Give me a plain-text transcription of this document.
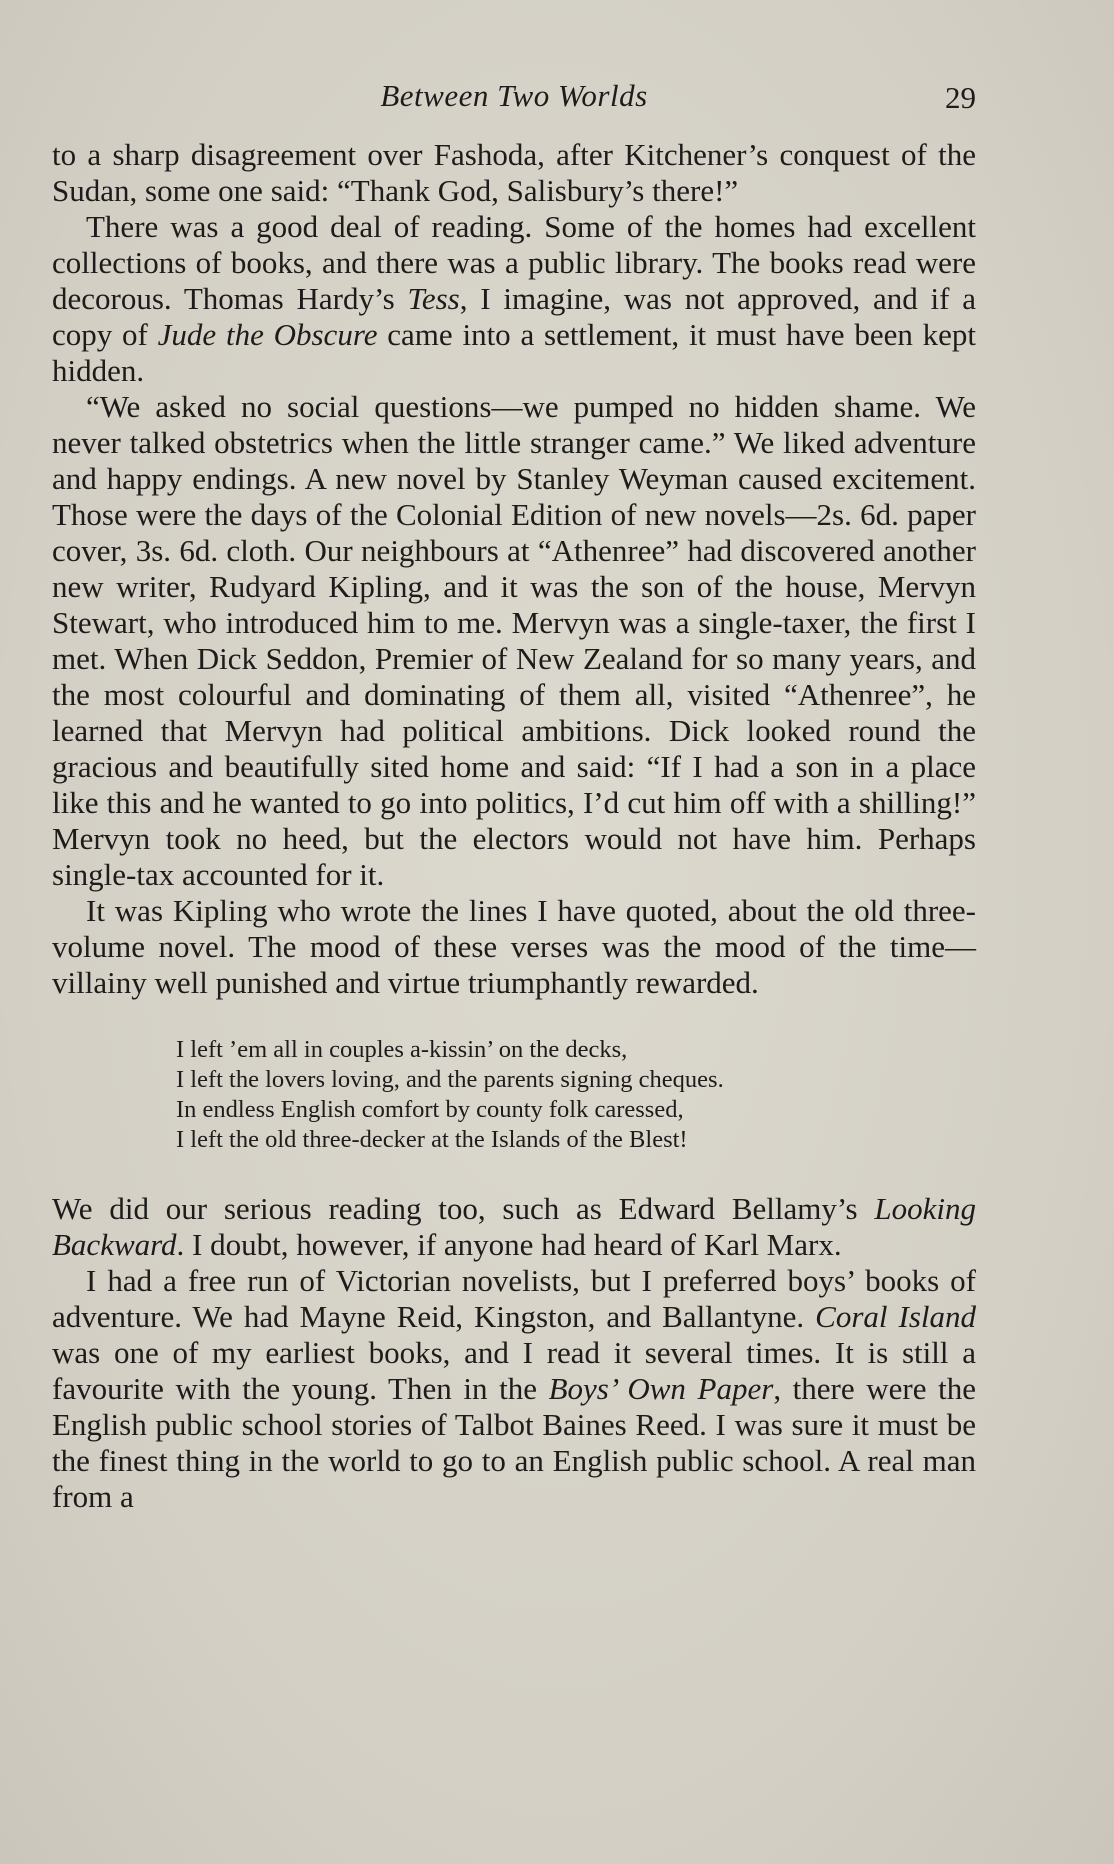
Between Two Worlds	29

to a sharp disagreement over Fashoda, after Kitchener’s conquest of the Sudan, some one said: “Thank God, Salisbury’s there!”

There was a good deal of reading. Some of the homes had excellent collections of books, and there was a public library. The books read were decorous. Thomas Hardy’s Tess, I imagine, was not approved, and if a copy of Jude the Obscure came into a settlement, it must have been kept hidden.

“We asked no social questions—we pumped no hidden shame. We never talked obstetrics when the little stranger came.” We liked adventure and happy endings. A new novel by Stanley Weyman caused excitement. Those were the days of the Colonial Edition of new novels—2s. 6d. paper cover, 3s. 6d. cloth. Our neighbours at “Athenree” had discovered another new writer, Rudyard Kipling, and it was the son of the house, Mervyn Stewart, who introduced him to me. Mervyn was a single-taxer, the first I met. When Dick Seddon, Premier of New Zealand for so many years, and the most colourful and dominating of them all, visited “Athenree”, he learned that Mervyn had political ambitions. Dick looked round the gracious and beautifully sited home and said: “If I had a son in a place like this and he wanted to go into politics, I’d cut him off with a shilling!” Mervyn took no heed, but the electors would not have him. Perhaps single-tax accounted for it.

It was Kipling who wrote the lines I have quoted, about the old three-volume novel. The mood of these verses was the mood of the time—villainy well punished and virtue triumphantly rewarded.

I left ’em all in couples a-kissin’ on the decks,
I left the lovers loving, and the parents signing cheques.
In endless English comfort by county folk caressed,
I left the old three-decker at the Islands of the Blest!

We did our serious reading too, such as Edward Bellamy’s Looking Backward. I doubt, however, if anyone had heard of Karl Marx.

I had a free run of Victorian novelists, but I preferred boys’ books of adventure. We had Mayne Reid, Kingston, and Ballantyne. Coral Island was one of my earliest books, and I read it several times. It is still a favourite with the young. Then in the Boys’ Own Paper, there were the English public school stories of Talbot Baines Reed. I was sure it must be the finest thing in the world to go to an English public school. A real man from a
